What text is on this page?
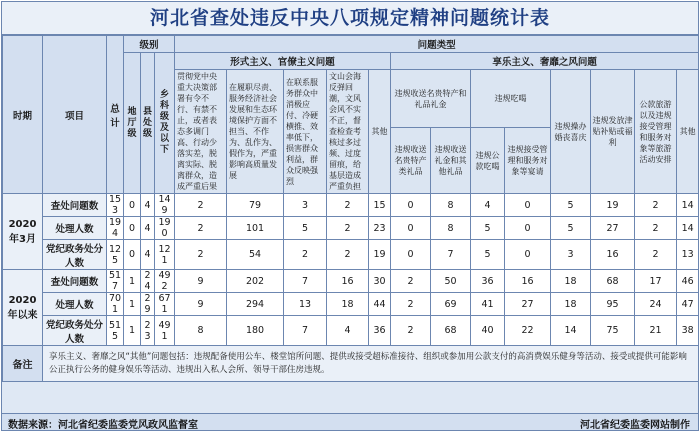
河北省查处违反中央八项规定精神问题统计表
时期	项目	总计	级别			问题类型												
			地厅级	县处级	乡科级及以下	形式主义、官僚主义问题					享乐主义、奢靡之风问题							
						贯彻党中央重大决策部署有令不行、有禁不止，或者表态多调门高、行动少落实差，脱离实际、脱离群众，造成严重后果	在履职尽责、服务经济社会发展和生态环境保护方面不担当、不作为、乱作为、假作为，严重影响高质量发展	在联系服务群众中消极应付、冷硬横推、效率低下，损害群众利益，群众反映强烈	文山会海反弹回潮，文风会风不实不正，督查检查考核过多过频、过度留痕，给基层造成严重负担	其他	违规收送名贵特产和礼品礼金		违规吃喝		违规操办婚丧喜庆	违规发放津贴补贴或福利	公款旅游以及违规接受管理和服务对象等旅游活动安排	其他

											违规收送名贵特产类礼品	违规收送礼金和其他礼品	违规公款吃喝	违规接受管理和服务对象等宴请				
2020年3月	查处问题数	153	0	4	149	2	79	3	2	15	0	8	4	0	5	19	2	14
	处理人数	194	0	4	190	2	101	5	2	23	0	8	5	0	5	27	2	14
	党纪政务处分人数	125	0	4	121	2	54	2	2	19	0	7	5	0	3	16	2	13
2020年以来	查处问题数	517	1	24	492	9	202	7	16	30	2	50	36	16	18	68	17	46
	处理人数	701	1	29	671	9	294	13	18	44	2	69	41	27	18	95	24	47
	党纪政务处分人数	515	1	23	491	8	180	7	4	36	2	68	40	22	14	75	21	38
备注	享乐主义、奢靡之风“其他”问题包括：违规配备使用公车、楼堂馆所问题、提供或接受超标准接待、组织或参加用公款支付的高消费娱乐健身等活动、接受或提供可能影响公正执行公务的健身娱乐等活动、违规出入私人会所、领导干部住房违规。																	
数据来源：河北省纪委监委党风政风监督室	河北省纪委监委网站制作
